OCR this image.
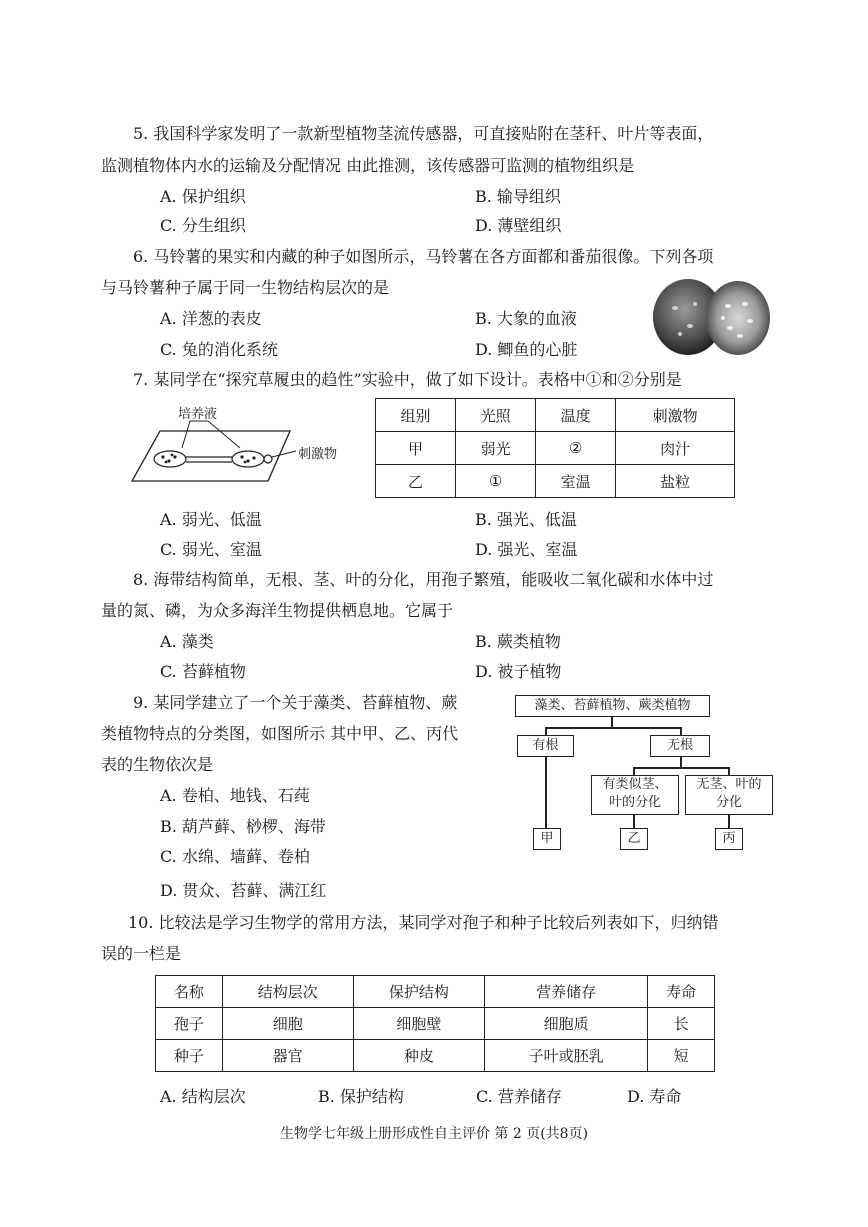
5. 我国科学家发明了一款新型植物茎流传感器，可直接贴附在茎秆、叶片等表面，
监测植物体内水的运输及分配情况 由此推测，该传感器可监测的植物组织是
A. 保护组织	B. 输导组织
C. 分生组织	D. 薄壁组织
6. 马铃薯的果实和内藏的种子如图所示，马铃薯在各方面都和番茄很像。下列各项
与马铃薯种子属于同一生物结构层次的是
A. 洋葱的表皮	B. 大象的血液
C. 兔的消化系统	D. 鲫鱼的心脏
7. 某同学在“探究草履虫的趋性”实验中，做了如下设计。表格中①和②分别是
培养液
刺激物
组别	光照	温度	刺激物
甲	弱光	②	肉汁
乙	①	室温	盐粒
A. 弱光、低温	B. 强光、低温
C. 弱光、室温	D. 强光、室温
8. 海带结构简单，无根、茎、叶的分化，用孢子繁殖，能吸收二氧化碳和水体中过
量的氮、磷，为众多海洋生物提供栖息地。它属于
A. 藻类	B. 蕨类植物
C. 苔藓植物	D. 被子植物
9. 某同学建立了一个关于藻类、苔藓植物、蕨
类植物特点的分类图，如图所示 其中甲、乙、丙代
表的生物依次是
A. 卷柏、地钱、石莼
B. 葫芦藓、桫椤、海带
C. 水绵、墙藓、卷柏
D. 贯众、苔藓、满江红
藻类、苔藓植物、蕨类植物
有根	无根
有类似茎、
叶的分化
无茎、叶的
分化
甲	乙	丙
10. 比较法是学习生物学的常用方法，某同学对孢子和种子比较后列表如下，归纳错
误的一栏是
名称	结构层次	保护结构	营养储存	寿命
孢子	细胞	细胞壁	细胞质	长
种子	器官	种皮	子叶或胚乳	短
A. 结构层次	B. 保护结构	C. 营养储存	D. 寿命
生物学七年级上册形成性自主评价 第 2 页(共8页)
